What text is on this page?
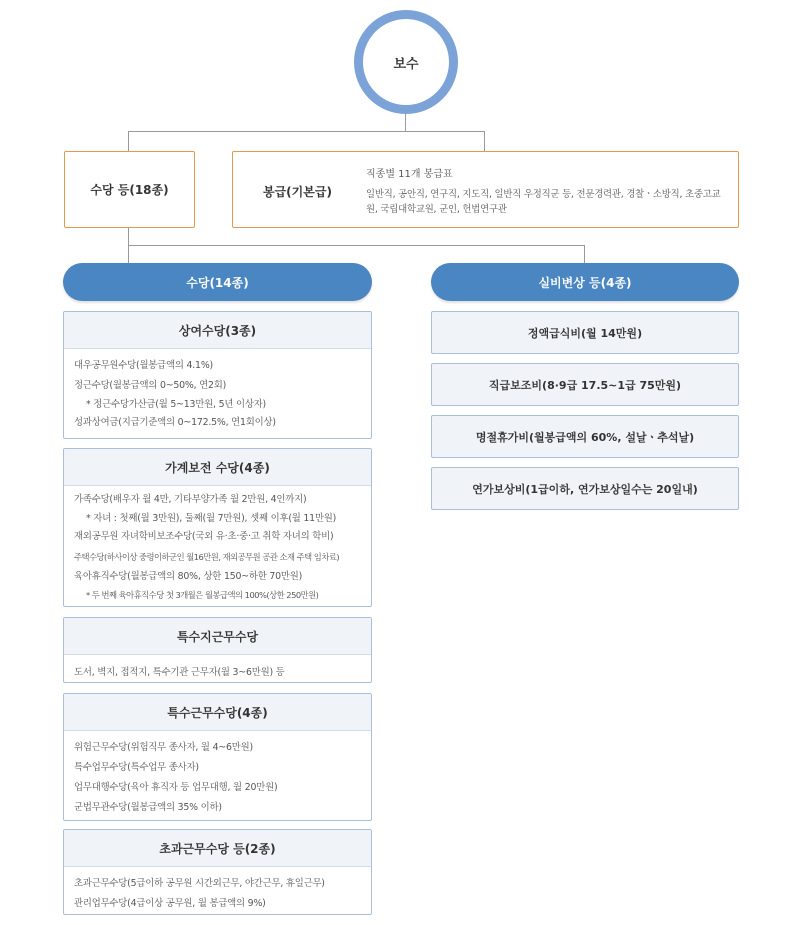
보수
수당 등(18종)	봉급(기본급)
직종별 11개 봉급표
일반직, 공안직, 연구직, 지도직, 일반직 우정직군 등, 전문경력관, 경찰ㆍ소방직, 초중고교원, 국립대학교원, 군인, 헌법연구관
수당(14종)	실비변상 등(4종)
상여수당(3종)
대우공무원수당(월봉급액의 4.1%)
정근수당(월봉급액의 0~50%, 연2회)
* 정근수당가산금(월 5~13만원, 5년 이상자)
성과상여금(지급기준액의 0~172.5%, 연1회이상)
가계보전 수당(4종)
가족수당(배우자 월 4만, 기타부양가족 월 2만원, 4인까지)
* 자녀 : 첫째(월 3만원), 둘째(월 7만원), 셋째 이후(월 11만원)
재외공무원 자녀학비보조수당(국외 유·초·중·고 취학 자녀의 학비)
주택수당(하사이상 중령이하군인 월16만원, 재외공무원 공관 소재 주택 임차료)
육아휴직수당(월봉급액의 80%, 상한 150~하한 70만원)
* 두 번째 육아휴직수당 첫 3개월은 월봉급액의 100%(상한 250만원)
특수지근무수당
도서, 벽지, 접적지, 특수기관 근무자(월 3~6만원) 등
특수근무수당(4종)
위험근무수당(위험직무 종사자, 월 4~6만원)
특수업무수당(특수업무 종사자)
업무대행수당(육아 휴직자 등 업무대행, 월 20만원)
군법무관수당(월봉급액의 35% 이하)
초과근무수당 등(2종)
초과근무수당(5급이하 공무원 시간외근무, 야간근무, 휴일근무)
관리업무수당(4급이상 공무원, 월 봉급액의 9%)
정액급식비(월 14만원)
직급보조비(8·9급 17.5~1급 75만원)
명절휴가비(월봉급액의 60%, 설날ㆍ추석날)
연가보상비(1급이하, 연가보상일수는 20일내)
